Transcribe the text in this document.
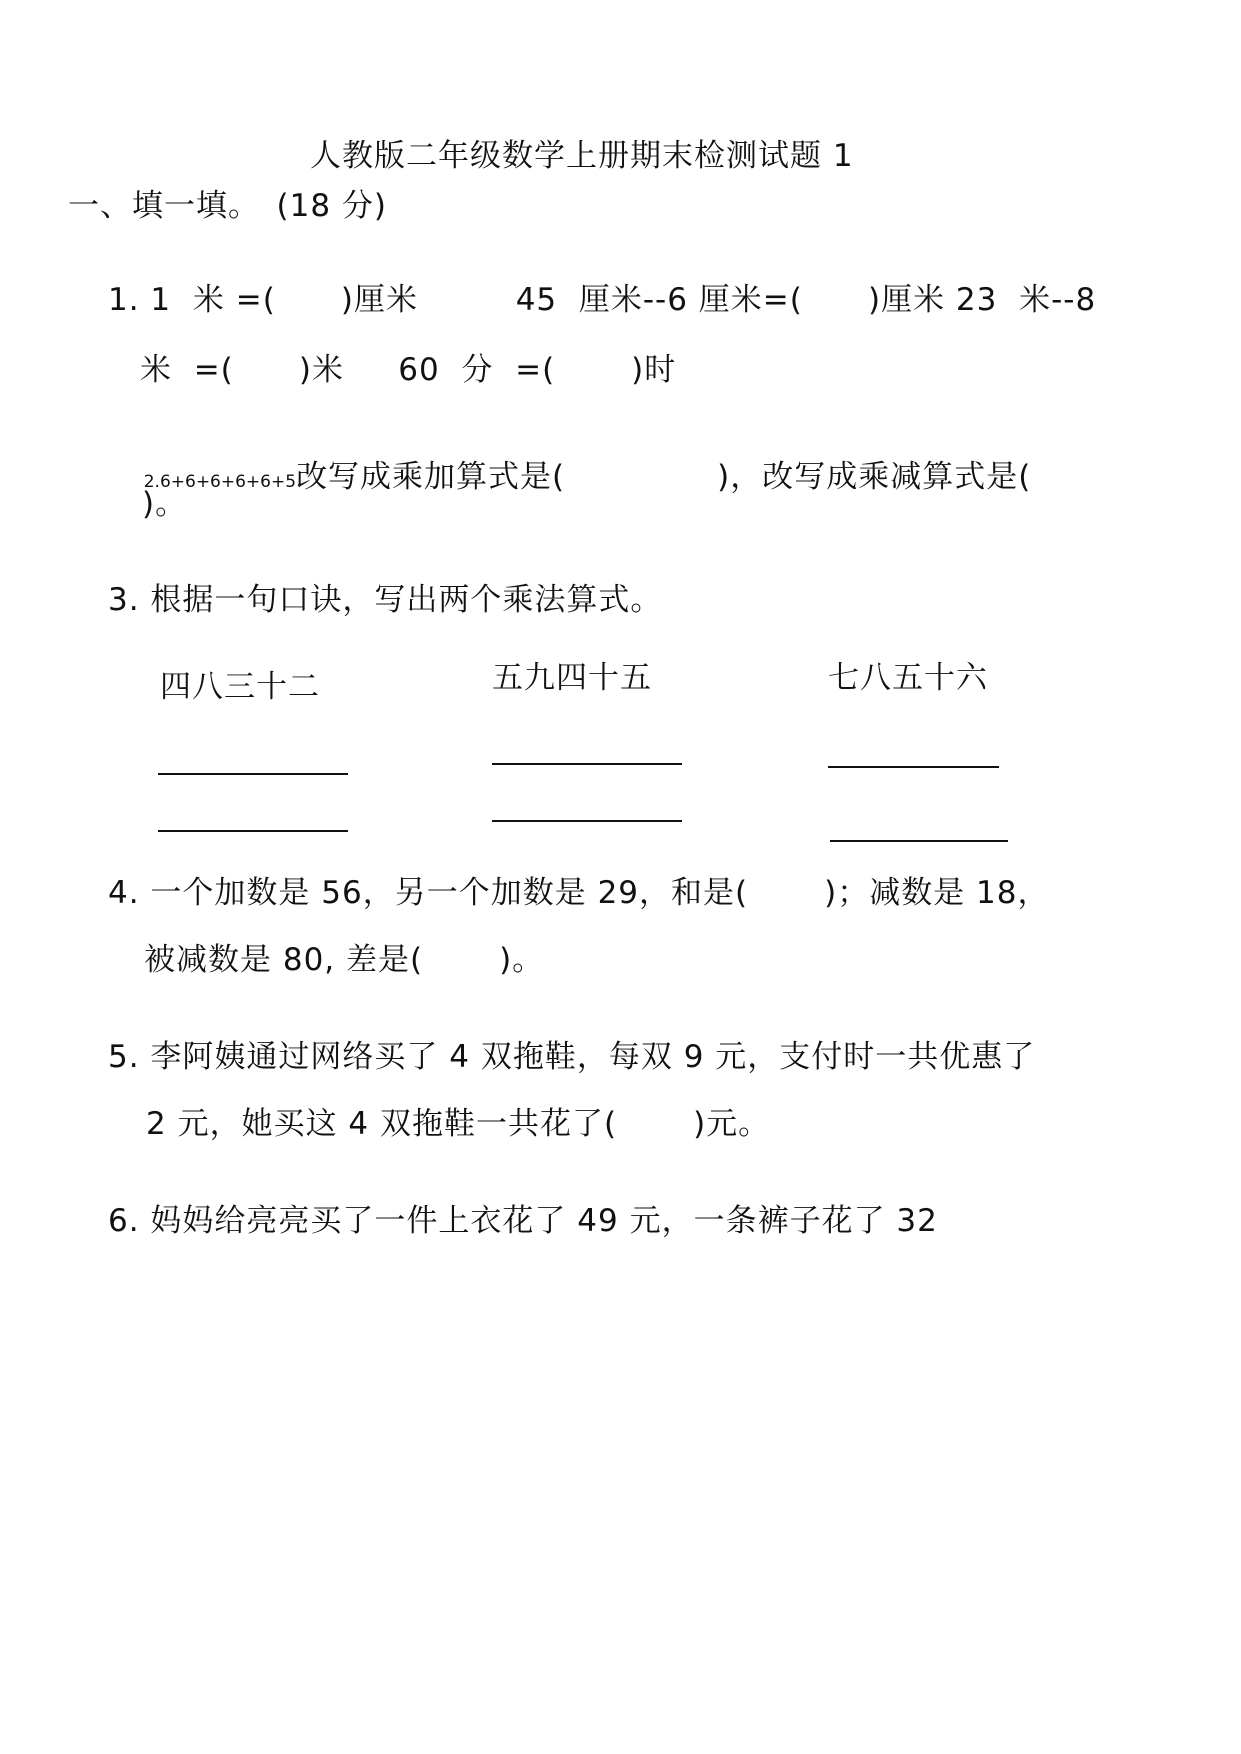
人教版二年级数学上册期末检测试题 1
一、填一填。　(18 分)
1. 1  米 =(      )厘米         45  厘米--6 厘米=(      )厘米 23  米--8
米  =(      )米     60  分  =(       )时

2.6+6+6+6+6+5改写成乘加算式是(              )，改写成乘减算式是(

)。
3. 根据一句口诀，写出两个乘法算式。
四八三十二	五九四十五	七八五十六
4. 一个加数是 56，另一个加数是 29，和是(       )；减数是 18，
被减数是 80, 差是(       )。
5. 李阿姨通过网络买了 4 双拖鞋，每双 9 元，支付时一共优惠了
2 元，她买这 4 双拖鞋一共花了(       )元。
6. 妈妈给亮亮买了一件上衣花了 49 元，一条裤子花了 32
